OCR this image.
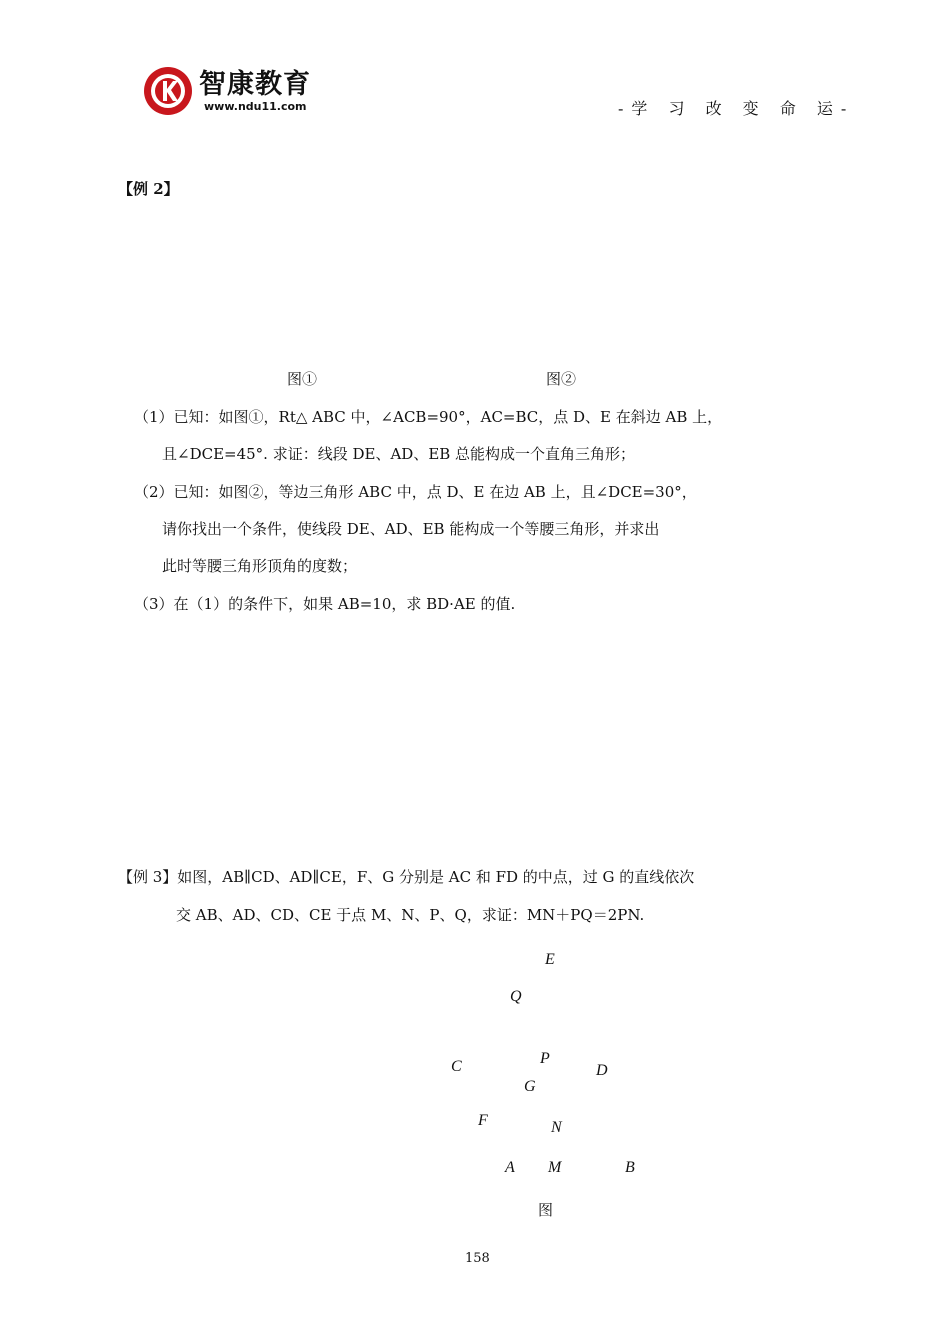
智康教育
www.ndu11.com	-学 习 改 变 命 运-
【例 2】
图①	图②
（1）已知：如图①，Rt△ ABC 中，∠ACB=90°，AC=BC，点 D、E 在斜边 AB 上，
且∠DCE=45°. 求证：线段 DE、AD、EB 总能构成一个直角三角形；
（2）已知：如图②，等边三角形 ABC 中，点 D、E 在边 AB 上，且∠DCE=30°，
请你找出一个条件，使线段 DE、AD、EB 能构成一个等腰三角形，并求出
此时等腰三角形顶角的度数；
（3）在（1）的条件下，如果 AB=10，求 BD·AE 的值.
【例 3】如图，AB∥CD、AD∥CE，F、G 分别是 AC 和 FD 的中点，过 G 的直线依次
交 AB、AD、CD、CE 于点 M、N、P、Q，求证：MN＋PQ＝2PN.
E
Q
C	P
G
D
F	N
A M	B
图
158
